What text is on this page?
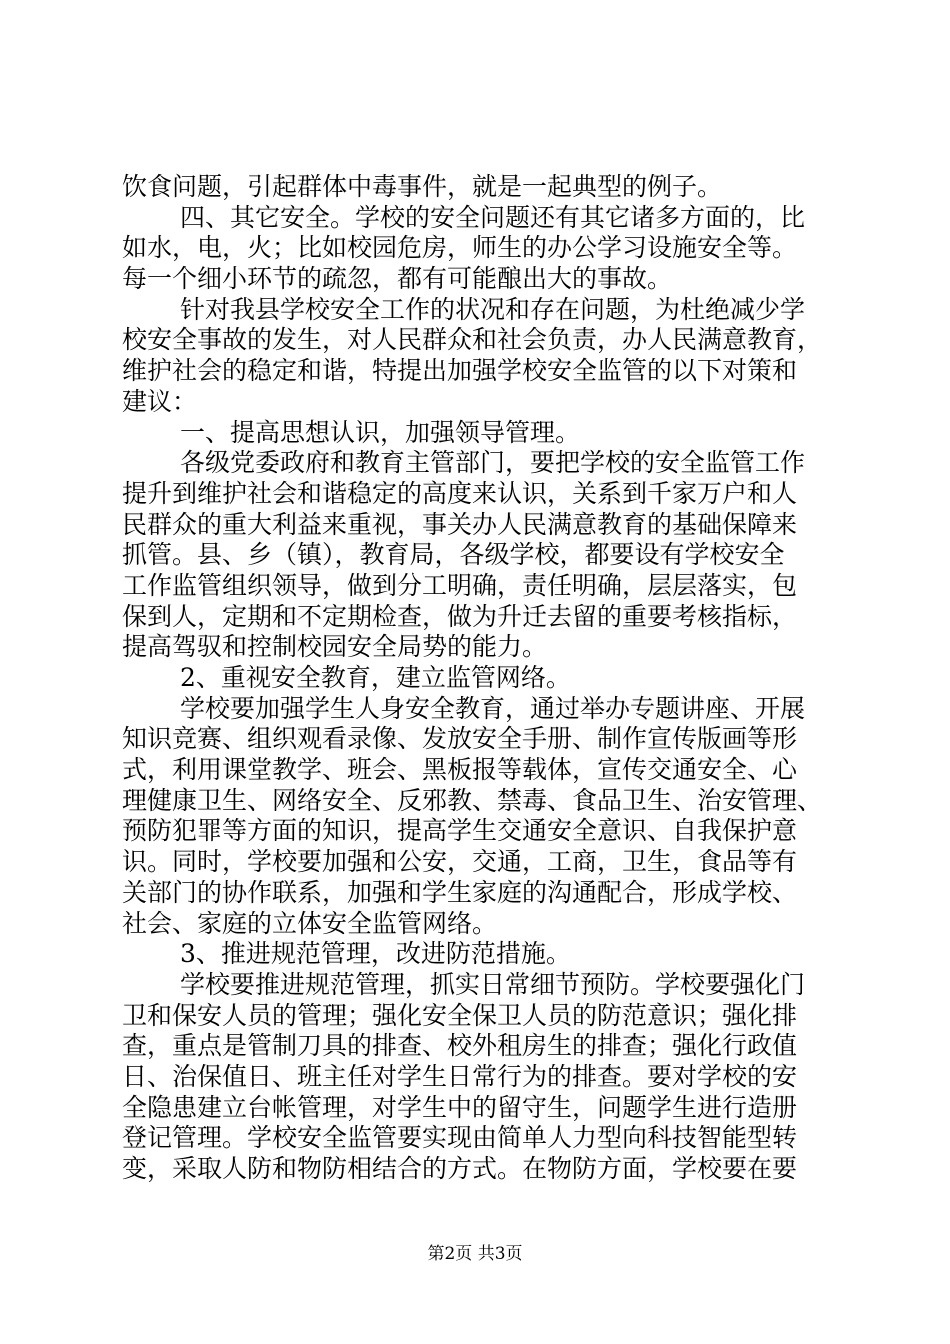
饮食问题，引起群体中毒事件，就是一起典型的例子。
四、其它安全。学校的安全问题还有其它诸多方面的，比
如水，电，火；比如校园危房，师生的办公学习设施安全等。
每一个细小环节的疏忽，都有可能酿出大的事故。
针对我县学校安全工作的状况和存在问题，为杜绝减少学
校安全事故的发生，对人民群众和社会负责，办人民满意教育，
维护社会的稳定和谐，特提出加强学校安全监管的以下对策和
建议：
一、提高思想认识，加强领导管理。
各级党委政府和教育主管部门，要把学校的安全监管工作
提升到维护社会和谐稳定的高度来认识，关系到千家万户和人
民群众的重大利益来重视，事关办人民满意教育的基础保障来
抓管。县、乡（镇），教育局，各级学校，都要设有学校安全
工作监管组织领导，做到分工明确，责任明确，层层落实，包
保到人，定期和不定期检查，做为升迁去留的重要考核指标，
提高驾驭和控制校园安全局势的能力。
2、重视安全教育，建立监管网络。
学校要加强学生人身安全教育，通过举办专题讲座、开展
知识竞赛、组织观看录像、发放安全手册、制作宣传版画等形
式，利用课堂教学、班会、黑板报等载体，宣传交通安全、心
理健康卫生、网络安全、反邪教、禁毒、食品卫生、治安管理、
预防犯罪等方面的知识，提高学生交通安全意识、自我保护意
识。同时，学校要加强和公安，交通，工商，卫生，食品等有
关部门的协作联系，加强和学生家庭的沟通配合，形成学校、
社会、家庭的立体安全监管网络。
3、推进规范管理，改进防范措施。
学校要推进规范管理，抓实日常细节预防。学校要强化门
卫和保安人员的管理；强化安全保卫人员的防范意识；强化排
查，重点是管制刀具的排查、校外租房生的排查；强化行政值
日、治保值日、班主任对学生日常行为的排查。要对学校的安
全隐患建立台帐管理，对学生中的留守生，问题学生进行造册
登记管理。学校安全监管要实现由简单人力型向科技智能型转
变，采取人防和物防相结合的方式。在物防方面，学校要在要
第2页 共3页
